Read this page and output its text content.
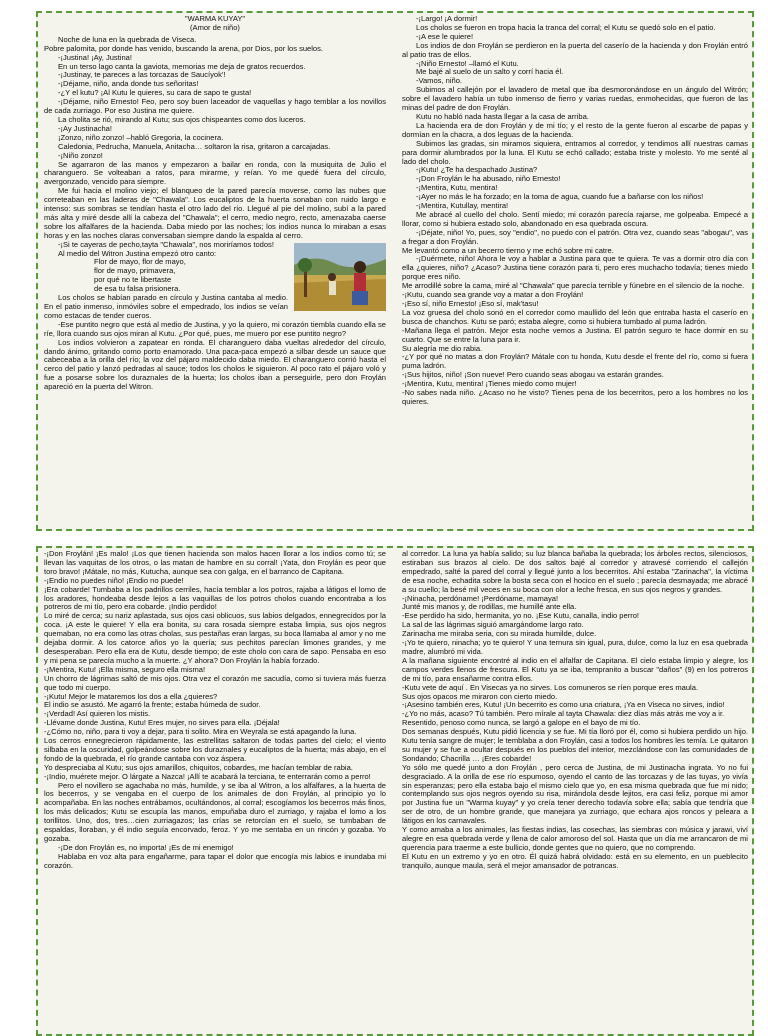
"WARMA KUYAY"

(Amor de niño)

Noche de luna en la quebrada de Viseca.

Pobre palomita, por donde has venido, buscando la arena, por Dios, por los suelos.

-¡Justina! ¡Ay, Justina!

En un terso lago canta la gaviota, memorias me deja de gratos recuerdos.

-¡Justinay, te pareces a las torcazas de Saucíyok'!

-¡Déjame, niño, anda donde tus señoritas!

-¿Y el kutu? ¡Al Kutu le quieres, su cara de sapo te gusta!

-¡Déjame, niño Ernesto! Feo, pero soy buen laceador de vaquellas y hago temblar a los novillos de cada zurriago. Por eso Justina me quiere.

La cholita se rió, mirando al Kutu; sus ojos chispeantes como dos luceros.

-¡Ay Justinacha!

¡Zonzo, niño zonzo! –habló Gregoria, la cocinera.

Caledonia, Pedrucha, Manuela, Anitacha… soltaron la risa, gritaron a carcajadas.

-¡Niño zonzo!

Se agarraron de las manos y empezaron a bailar en ronda, con la musiquita de Julio el charanguero. Se volteaban a ratos, para mirarme, y reían. Yo me quedé fuera del círculo, avergonzado, vencido para siempre.

Me fui hacia el molino viejo; el blanqueo de la pared parecía moverse, como las nubes que correteaban en las laderas de "Chawala". Los eucaliptos de la huerta sonaban con ruido largo e intenso: sus sombras se tendían hasta el otro lado del río. Llegué al pie del molino, subí a la pared más alta y miré desde allí la cabeza del "Chawala"; el cerro, medio negro, recto, amenazaba caerse sobre los alfalfares de la hacienda. Daba miedo por las noches; los indios nunca lo miraban a esas horas y en las noches claras conversaban siempre dando la espalda al cerro.

-¡Si te cayeras de pecho,tayta "Chawala", nos moriríamos todos!

Al medio del Witron Justina empezó otro canto:

Flor de mayo, flor de mayo,

flor de mayo, primavera,

por qué no te libertaste

de esa tu falsa prisionera.

Los cholos se habían parado en círculo y Justina cantaba al medio. En el patio inmenso, inmóviles sobre el empedrado, los indios se veían como estacas de tender cueros.

-Ese puntito negro que está al medio de Justina, y yo la quiero, mi corazón tiembla cuando ella se ríe, llora cuando sus ojos miran al Kutu. ¿Por qué, pues, me muero por ese puntito negro?

Los indios volvieron a zapatear en ronda. El charanguero daba vueltas alrededor del círculo, dando ánimo, gritando como porto enamorado. Una paca-paca empezó a silbar desde un sauce que cabeceaba a la orilla del río; la voz del pájaro maldecido daba miedo. El charanguero corrió hasta el cerco del patio y lanzó pedradas al sauce; todos los cholos le siguieron. Al poco rato el pájaro voló y fue a posarse sobre los duraznales de la huerta; los cholos iban a perseguirle, pero don Froylán apareció en la puerta del Witron.

-¡Largo! ¡A dormir!

Los cholos se fueron en tropa hacia la tranca del corral; el Kutu se quedó solo en el patio.

-¡A ese le quiere!

Los indios de don Froylán se perdieron en la puerta del caserío de la hacienda y don Froylán entró al patio tras de ellos.

-¡Niño Ernesto! –llamó el Kutu.

Me bajé al suelo de un salto y corrí hacia él.

-Vamos, niño.

Subimos al callejón por el lavadero de metal que iba desmoronándose en un ángulo del Witrón; sobre el lavadero había un tubo inmenso de fierro y varias ruedas, enmohecidas, que fueron de las minas del padre de don Froylán.

Kutu no habló nada hasta llegar a la casa de arriba.

La hacienda era de don Froylán y de mi tío; y el resto de la gente fueron al escarbe de papas y dormían en la chacra, a dos leguas de la hacienda.

Subimos las gradas, sin miramos siquiera, entramos al corredor, y tendimos allí nuestras camas para dormir alumbrados por la luna. El Kutu se echó callado; estaba triste y molesto. Yo me senté al lado del cholo.

-¡Kutu! ¿Te ha despachado Justina?

-¡Don Froylán le ha abusado, niño Ernesto!

-¡Mentira, Kutu, mentira!

-¡Ayer no más le ha forzado; en la toma de agua, cuando fue a bañarse con los niños!

-¡Mentira, Kutullay, mentira!

Me abracé al cuello del cholo. Sentí miedo; mi corazón parecía rajarse, me golpeaba. Empecé a llorar, como si hubiera estado solo, abandonado en esa quebrada oscura.

-¡Déjate, niño! Yo, pues, soy "endio", no puedo con el patrón. Otra vez, cuando seas "abogau", vas a fregar a don Froylán.

Me levantó como a un becerro tierno y me echó sobre mi catre.

-¡Duérmete, niño! Ahora le voy a hablar a Justina para que te quiera. Te vas a dormir otro día con ella ¿quieres, niño? ¿Acaso? Justina tiene corazón para ti, pero eres muchacho todavía; tienes miedo porque eres niño.

Me arrodillé sobre la cama, miré al "Chawala" que parecía terrible y fúnebre en el silencio de la noche.

-¡Kutu, cuando sea grande voy a matar a don Froylán!

-¡Eso sí, niño Ernesto! ¡Eso sí, mak'tasu!

La voz gruesa del cholo sonó en el corredor como maullido del león que entraba hasta el caserío en busca de chanchos. Kutu se paró; estaba alegre, como si hubiera tumbado al puma ladrón.

-Mañana llega el patrón. Mejor esta noche vemos a Justina. El patrón seguro te hace dormir en su cuarto. Que se entre la luna para ir.

Su alegría me dio rabia.

-¿Y por qué no matas a don Froylán? Mátale con tu honda, Kutu desde el frente del río, como si fuera puma ladrón.

-¡Sus hijitos, niño! ¡Son nueve! Pero cuando seas abogau va estarán grandes.

-¡Mentira, Kutu, mentira! ¡Tienes miedo como mujer!

-No sabes nada niño. ¿Acaso no he visto? Tienes pena de los becerritos, pero a los hombres no los quieres.

-¡Don Froylán! ¡Es malo! ¡Los que tienen hacienda son malos hacen llorar a los indios como tú; se llevan las vaquitas de los otros, o las matan de hambre en su corral! ¡Yata, don Froylán es peor que toro bravo! ¡Mátale, no más, Kutucha, aunque sea con galga, en el barranco de Capitana.

-¡Endio no puedes niño! ¡Endio no puede!

¡Era cobarde! Tumbaba a los padrillos cerriles, hacía temblar a los potros, rajaba a látigos el lomo de los aradores, hondeaba desde lejos a las vaquillas de los potros cholos cuando encontraba a los potreros de mi tío, pero era cobarde. ¡Indio perdido!

Lo miré de cerca; su nariz aplastada, sus ojos casi oblicuos, sus labios delgados, ennegrecidos por la coca. ¡A este le quiere! Y ella era bonita, su cara rosada siempre estaba limpia, sus ojos negros quemaban, no era como las otras cholas, sus pestañas eran largas, su boca llamaba al amor y no me dejaba dormir. A los catorce años yo la quería; sus pechitos parecían limones grandes, y me desesperaban. Pero ella era de Kutu, desde tiempo; de este cholo con cara de sapo. Pensaba en eso y mi pena se parecía mucho a la muerte. ¿Y ahora? Don Froylán la había forzado.

-¡Mentira, Kutu! ¡Ella misma, seguro ella misma!

Un chorro de lágrimas saltó de mis ojos. Otra vez el corazón me sacudía, como si tuviera más fuerza que todo mi cuerpo.

-¡Kutu! Mejor le mataremos los dos a ella ¿quieres?

El indio se asustó. Me agarró la frente; estaba húmeda de sudor.

-¡Verdad! Así quieren los mistis.

-Llévame donde Justina, Kutu! Eres mujer, no sirves para ella. ¡Déjala!

-¿Cómo no, niño, para ti voy a dejar, para ti solito. Mira en Weyrala se está apagando la luna.

Los cerros ennegrecieron rápidamente, las estrellitas saltaron de todas partes del cielo; el viento silbaba en la oscuridad, golpeándose sobre los duraznales y eucaliptos de la huerta; más abajo, en el fondo de la quebrada, el río grande cantaba con voz áspera.

Yo despreciaba al Kutu; sus ojos amarillos, chiquitos, cobardes, me hacían temblar de rabia.

-¡Indio, muérete mejor. O lárgate a Nazca! ¡Allí te acabará la terciana, te enterrarán como a perro!

Pero el novillero se agachaba no más, humilde, y se iba al Witron, a los alfalfares, a la huerta de los becerros, y se vengaba en el cuerpo de los animales de don Froylán, al principio yo lo acompañaba. En las noches entrábamos, ocultándonos, al corral; escogíamos los becerros más finos, los más delicados; Kutu se escupía las manos, empuñaba duro el zurriago, y rajaba el lomo a los torillitos. Uno, dos, tres…cien zurriagazos; las crías se retorcían en el suelo, se tumbaban de espaldas, lloraban, y él indio seguía encorvado, feroz. Y yo me sentaba en un rincón y gozaba. Yo gozaba.

-¡De don Froylán es, no importa! ¡Es de mi enemigo!

Hablaba en voz alta para engañarme, para tapar el dolor que encogía mis labios e inundaba mi corazón.

al corredor. La luna ya había salido; su luz blanca bañaba la quebrada; los árboles rectos, silenciosos, estiraban sus brazos al cielo. De dos saltos bajé al corredor y atravesé corriendo el callejón empedrado, salté la pared del corral y llegué junto a los becerritos. Ahí estaba "Zarinacha", la víctima de esa noche, echadita sobre la bosta seca con el hocico en el suelo ; parecía desmayada; me abracé a su cuello; la besé mil veces en su boca con olor a leche fresca, en sus ojos negros y grandes.

-¡Ninacha, perdóname! ¡Perdóname, mamaya!

Junté mis manos y, de rodillas, me humillé ante ella.

-Ese perdido ha sido, hermanita, yo no. ¡Ese Kutu, canalla, indio perro!

La sal de las lágrimas siguió amargándome largo rato.

Zarinacha me miraba seria, con su mirada humilde, dulce.

-¡Yo te quiero, ninacha; yo te quiero! Y una ternura sin igual, pura, dulce, como la luz en esa quebrada madre, alumbró mi vida.

A la mañana siguiente encontré al indio en el alfalfar de Capitana. El cielo estaba limpio y alegre, los campos verdes llenos de frescura. El Kutu ya se iba, tempranito a buscar "daños" (9) en los potreros de mi tío, para ensañarme contra ellos.

-Kutu vete de aquí . En Visecas ya no sirves. Los comuneros se ríen porque eres maula.

Sus ojos opacos me miraron con cierto miedo.

-¡Asesino también eres, Kutu! ¡Un becerrito es como una criatura, ¡Ya en Viseca no sirves, indio!

-¿Yo no más, acaso? Tú también. Pero mírale al tayta Chawala: diez días más atrás me voy a ir.

Resentido, penoso como nunca, se largó a galope en el bayo de mi tío.

Dos semanas después, Kutu pidió licencia y se fue. Mi tía lloró por él, como si hubiera perdido un hijo. Kutu tenía sangre de mujer; le temblaba a don Froylán, casi a todos los hombres les temía. Le quitaron su mujer y se fue a ocultar después en los pueblos del interior, mezclándose con las comunidades de Sondando; Chacrilla … ¡Eres cobarde!

Yo sólo me quedé junto a don Froylán , pero cerca de Justina, de mi Justinacha ingrata. Yo no fui desgraciado. A la orilla de ese río espumoso, oyendo el canto de las torcazas y de las tuyas, yo vivía sin esperanzas; pero ella estaba bajo el mismo cielo que yo, en esa misma quebrada que fue mi nido; contemplando sus ojos negros oyendo su risa, mirándola desde lejitos, era casi feliz, porque mi amor por Justina fue un "Warma kuyay" y yo creía tener derecho todavía sobre ella; sabía que tendría que ser de otro, de un hombre grande, que manejara ya zurriago, que echara ajos roncos y peleara a látigos en los carnavales.

Y como amaba a los animales, las fiestas indias, las cosechas, las siembras con música y jarawi, viví alegre en esa quebrada verde y llena de calor amoroso del sol. Hasta que un día me arrancaron de mi querencia para traerme a este bullicio, donde gentes que no quiero, que no comprendo.

El Kutu en un extremo y yo en otro. Él quizá habrá olvidado: está en su elemento, en un pueblecito tranquilo, aunque maula, será el mejor amansador de potrancas.
